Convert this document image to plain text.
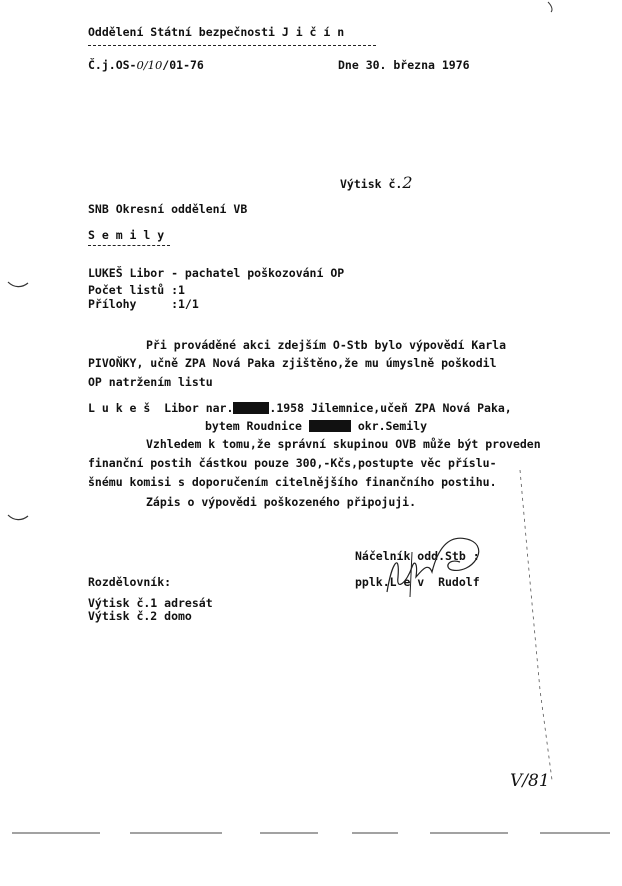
Oddělení Státní bezpečnosti J i č í n
Č.j.OS-0/10/01-76	Dne 30. března 1976
Výtisk č.2
SNB Okresní oddělení VB
S e m i l y
LUKEŠ Libor - pachatel poškozování OP
Počet listů :1
Přílohy     :1/1
Při prováděné akci zdejším O-Stb bylo výpovědí Karla
PIVOŇKY, učně ZPA Nová Paka zjištěno,že mu úmyslně poškodil
OP natržením listu
L u k e š  Libor nar.	.1958 Jilemnice,učeň ZPA Nová Paka,
bytem Roudnice	okr.Semily
Vzhledem k tomu,že správní skupinou OVB může být proveden
finanční postih částkou pouze 300,-Kčs,postupte věc příslu-
šnému komisi s doporučením citelnějšího finančního postihu.
Zápis o výpovědi poškozeného připojuji.
Náčelník odd.Stb :
pplk.L e v  Rudolf
Rozdělovník:
Výtisk č.1 adresát
Výtisk č.2 domo
V/81
